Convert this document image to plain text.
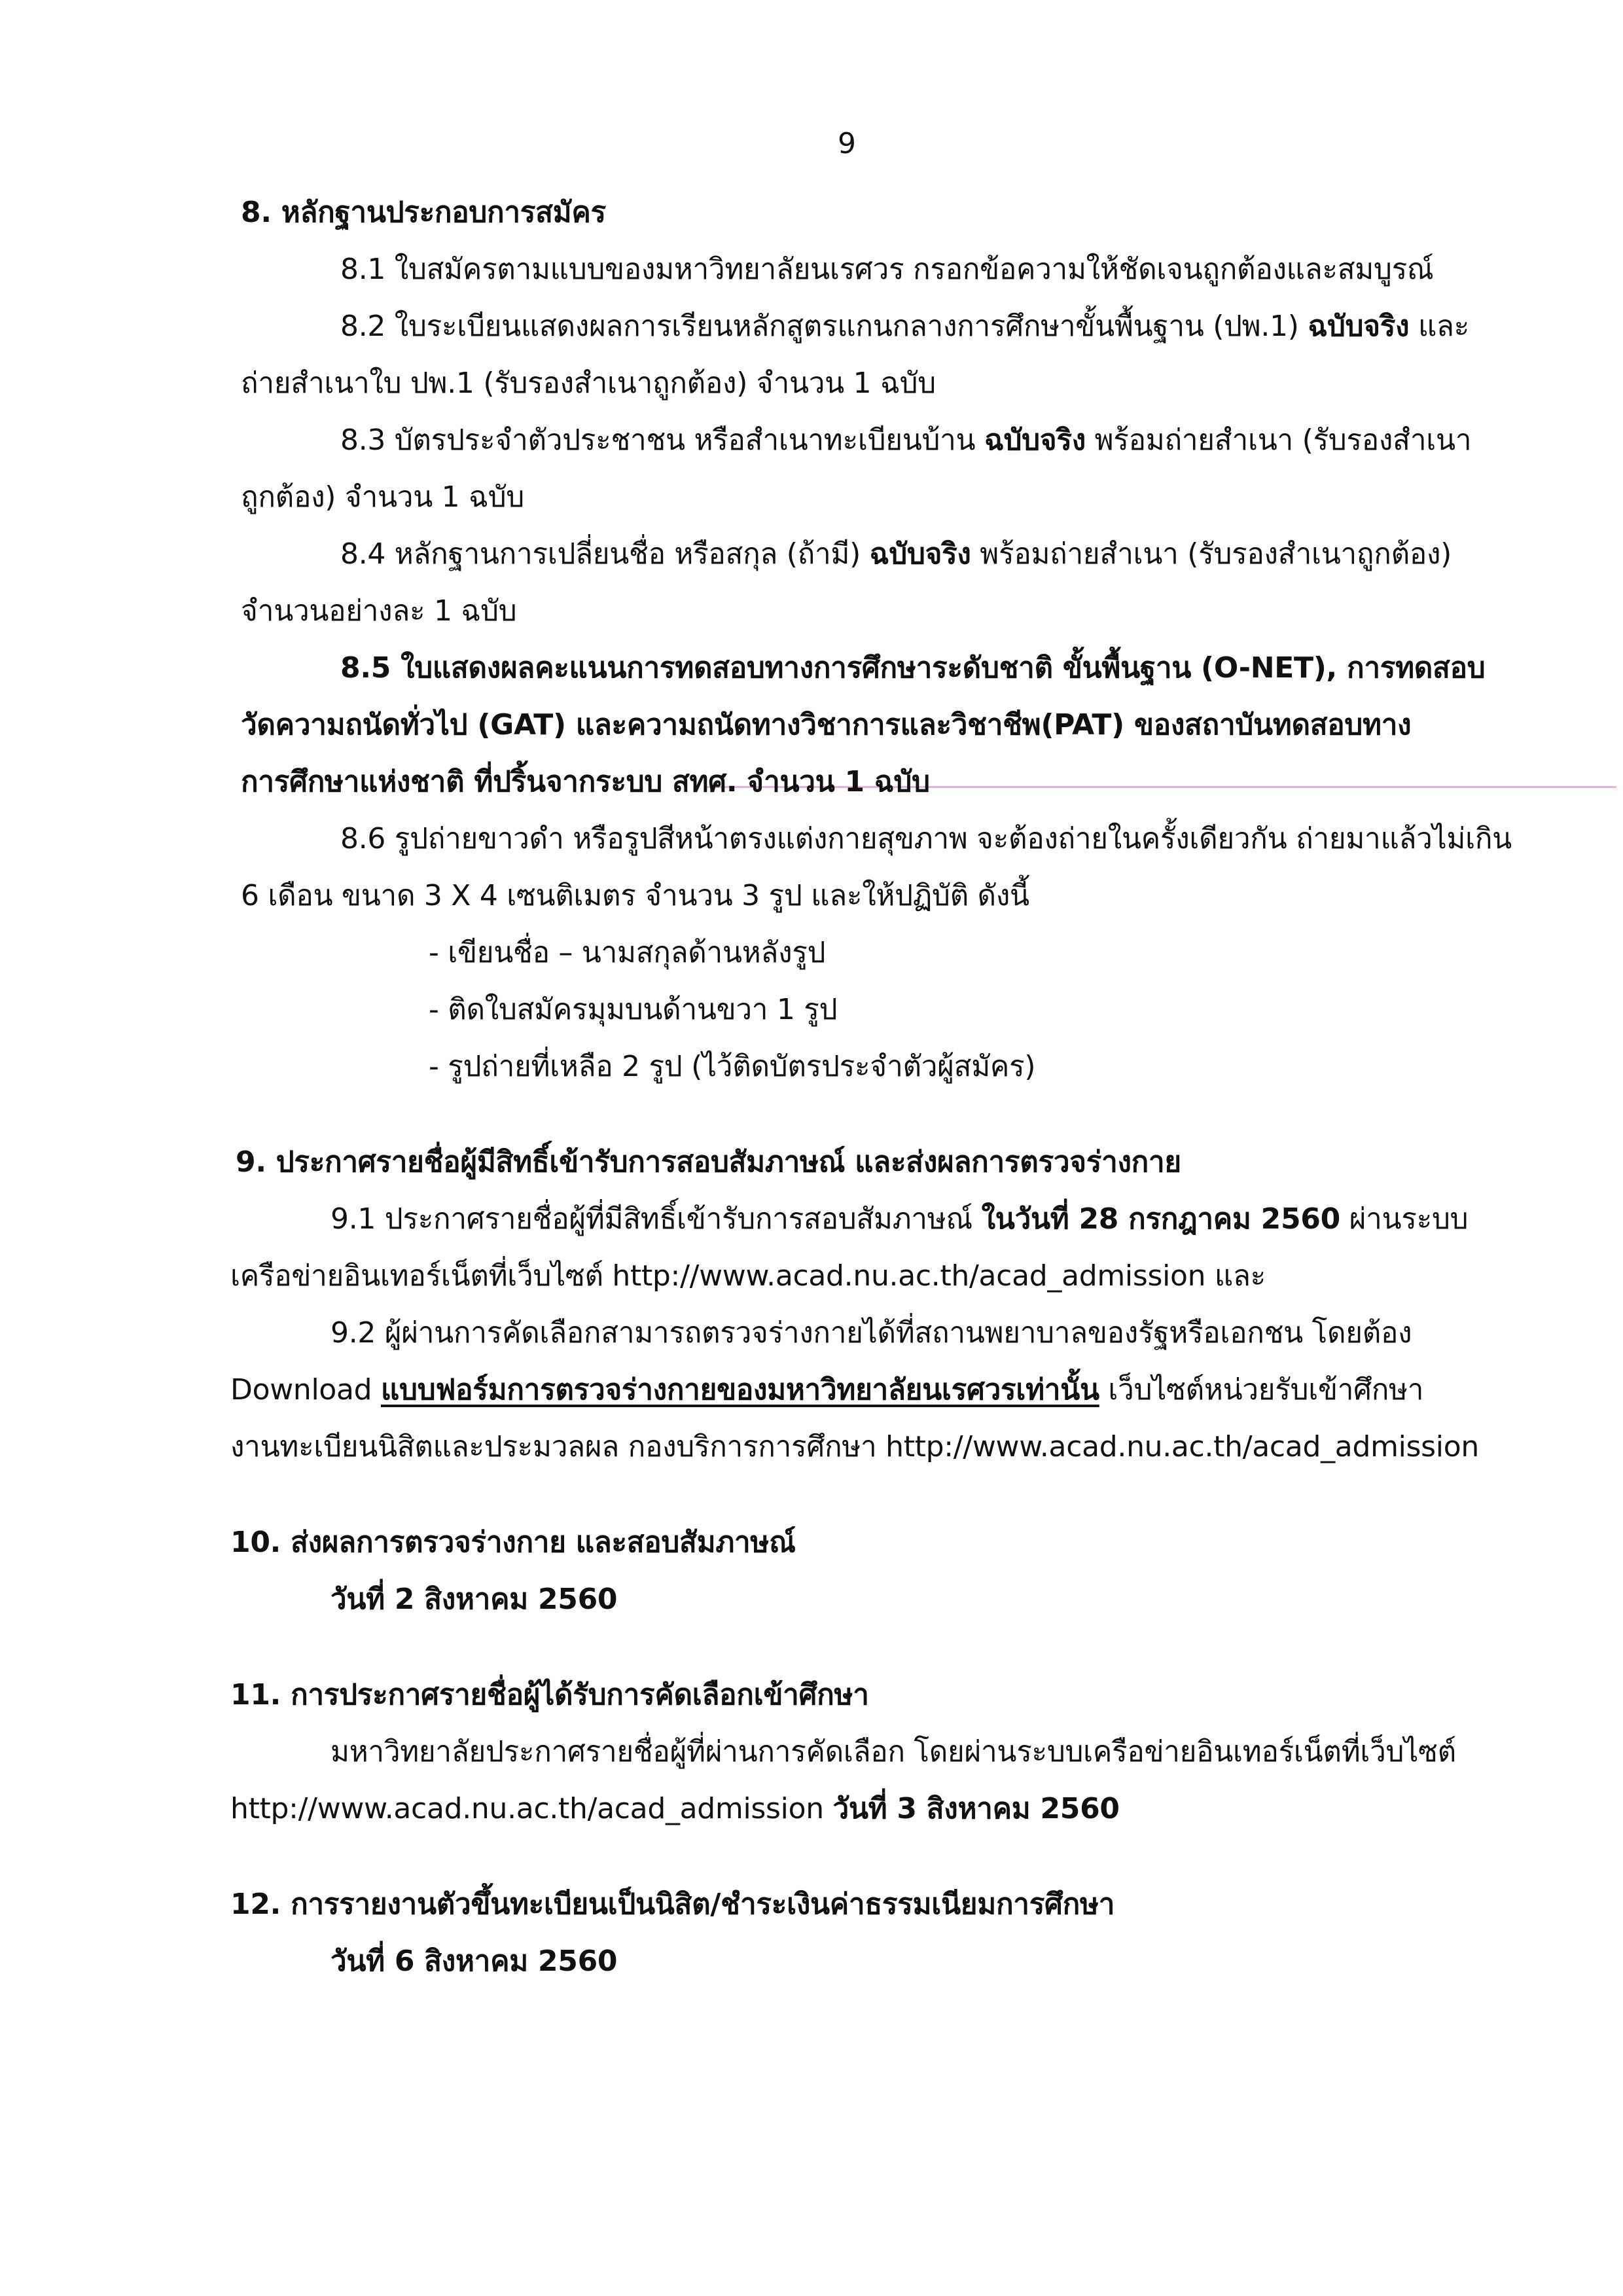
9
8. หลักฐานประกอบการสมัคร
8.1 ใบสมัครตามแบบของมหาวิทยาลัยนเรศวร กรอกข้อความให้ชัดเจนถูกต้องและสมบูรณ์
8.2 ใบระเบียนแสดงผลการเรียนหลักสูตรแกนกลางการศึกษาขั้นพื้นฐาน (ปพ.1) ฉบับจริง และ
ถ่ายสำเนาใบ ปพ.1 (รับรองสำเนาถูกต้อง) จำนวน 1 ฉบับ
8.3 บัตรประจำตัวประชาชน หรือสำเนาทะเบียนบ้าน ฉบับจริง พร้อมถ่ายสำเนา (รับรองสำเนา
ถูกต้อง) จำนวน 1 ฉบับ
8.4 หลักฐานการเปลี่ยนชื่อ หรือสกุล (ถ้ามี) ฉบับจริง พร้อมถ่ายสำเนา (รับรองสำเนาถูกต้อง)
จำนวนอย่างละ 1 ฉบับ
8.5 ใบแสดงผลคะแนนการทดสอบทางการศึกษาระดับชาติ ขั้นพื้นฐาน (O-NET), การทดสอบ
วัดความถนัดทั่วไป (GAT) และความถนัดทางวิชาการและวิชาชีพ(PAT) ของสถาบันทดสอบทาง
การศึกษาแห่งชาติ ที่ปริ้นจากระบบ สทศ. จำนวน 1 ฉบับ
8.6 รูปถ่ายขาวดำ หรือรูปสีหน้าตรงแต่งกายสุขภาพ จะต้องถ่ายในครั้งเดียวกัน ถ่ายมาแล้วไม่เกิน
6 เดือน ขนาด 3 X 4 เซนติเมตร จำนวน 3 รูป และให้ปฏิบัติ ดังนี้
- เขียนชื่อ – นามสกุลด้านหลังรูป
- ติดใบสมัครมุมบนด้านขวา 1 รูป
- รูปถ่ายที่เหลือ 2 รูป (ไว้ติดบัตรประจำตัวผู้สมัคร)
9. ประกาศรายชื่อผู้มีสิทธิ์เข้ารับการสอบสัมภาษณ์ และส่งผลการตรวจร่างกาย
9.1 ประกาศรายชื่อผู้ที่มีสิทธิ์เข้ารับการสอบสัมภาษณ์ ในวันที่ 28 กรกฎาคม 2560 ผ่านระบบ
เครือข่ายอินเทอร์เน็ตที่เว็บไซต์ http://www.acad.nu.ac.th/acad_admission และ
9.2 ผู้ผ่านการคัดเลือกสามารถตรวจร่างกายได้ที่สถานพยาบาลของรัฐหรือเอกชน โดยต้อง
Download แบบฟอร์มการตรวจร่างกายของมหาวิทยาลัยนเรศวรเท่านั้น เว็บไซต์หน่วยรับเข้าศึกษา
งานทะเบียนนิสิตและประมวลผล กองบริการการศึกษา http://www.acad.nu.ac.th/acad_admission
10. ส่งผลการตรวจร่างกาย และสอบสัมภาษณ์
วันที่ 2 สิงหาคม 2560
11. การประกาศรายชื่อผู้ได้รับการคัดเลือกเข้าศึกษา
มหาวิทยาลัยประกาศรายชื่อผู้ที่ผ่านการคัดเลือก โดยผ่านระบบเครือข่ายอินเทอร์เน็ตที่เว็บไซต์
http://www.acad.nu.ac.th/acad_admission วันที่ 3 สิงหาคม 2560
12. การรายงานตัวขึ้นทะเบียนเป็นนิสิต/ชำระเงินค่าธรรมเนียมการศึกษา
วันที่ 6 สิงหาคม 2560
